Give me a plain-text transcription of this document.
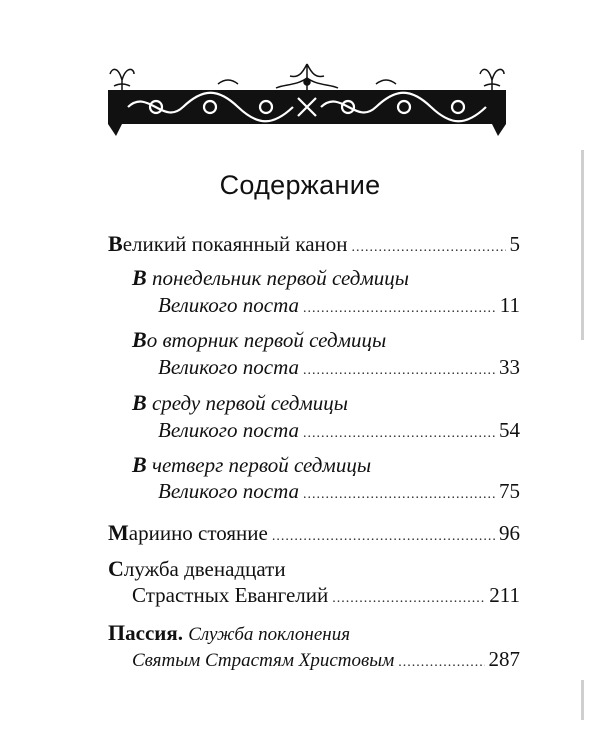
Содержание
Великий покаянный канон .....	5
В понедельник первой седмицы
Великого поста .....	11
Во вторник первой седмицы
Великого поста .....	33
В среду первой седмицы
Великого поста .....	54
В четверг первой седмицы
Великого поста .....	75
Мариино стояние .....	96
Служба двенадцати
Страстных Евангелий .....	211
Пассия. Служба поклонения
Святым Страстям Христовым .....	287
